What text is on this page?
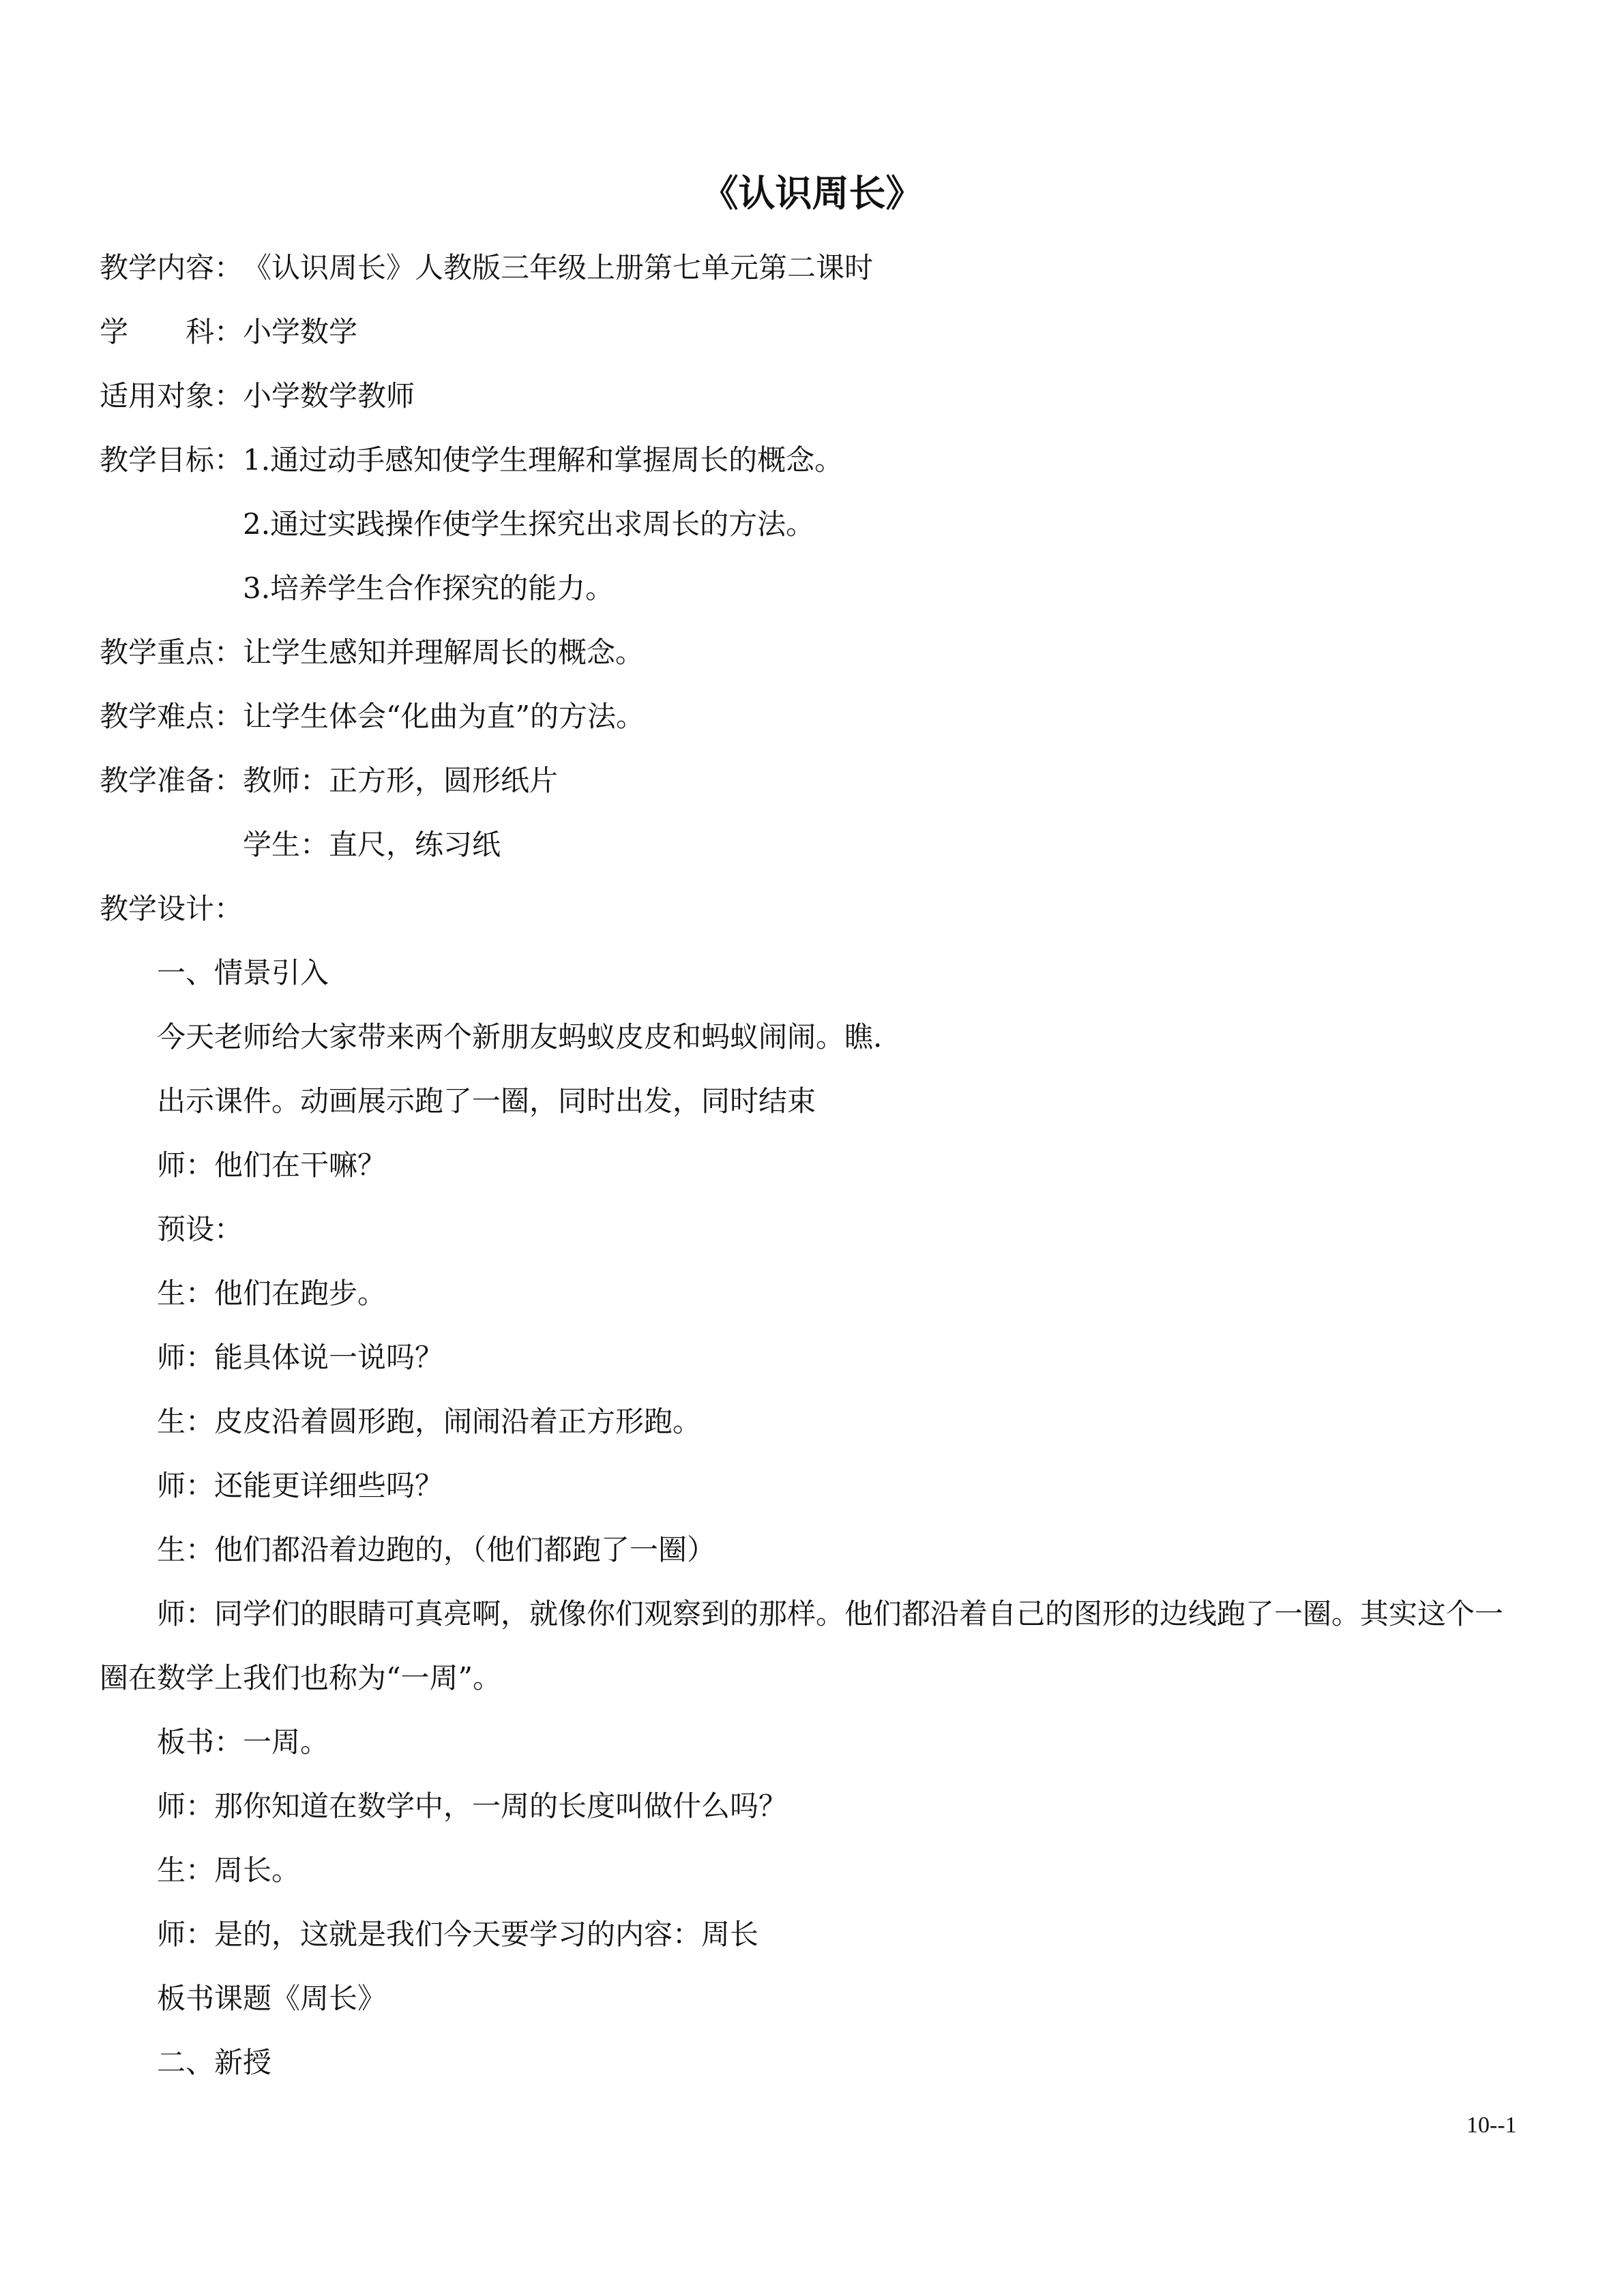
《认识周长》
教学内容：《认识周长》人教版三年级上册第七单元第二课时
学　　科：小学数学
适用对象：小学数学教师
教学目标：1.通过动手感知使学生理解和掌握周长的概念。
2.通过实践操作使学生探究出求周长的方法。
3.培养学生合作探究的能力。
教学重点：让学生感知并理解周长的概念。
教学难点：让学生体会“化曲为直”的方法。
教学准备：教师：正方形，圆形纸片
学生：直尺，练习纸
教学设计：
一、情景引入
今天老师给大家带来两个新朋友蚂蚁皮皮和蚂蚁闹闹。瞧.
出示课件。动画展示跑了一圈，同时出发，同时结束
师：他们在干嘛？
预设：
生：他们在跑步。
师：能具体说一说吗？
生：皮皮沿着圆形跑，闹闹沿着正方形跑。
师：还能更详细些吗？
生：他们都沿着边跑的，（他们都跑了一圈）
师：同学们的眼睛可真亮啊，就像你们观察到的那样。他们都沿着自己的图形的边线跑了一圈。其实这个一
圈在数学上我们也称为“一周”。
板书：一周。
师：那你知道在数学中，一周的长度叫做什么吗？
生：周长。
师：是的，这就是我们今天要学习的内容：周长
板书课题《周长》
二、新授
10--1
